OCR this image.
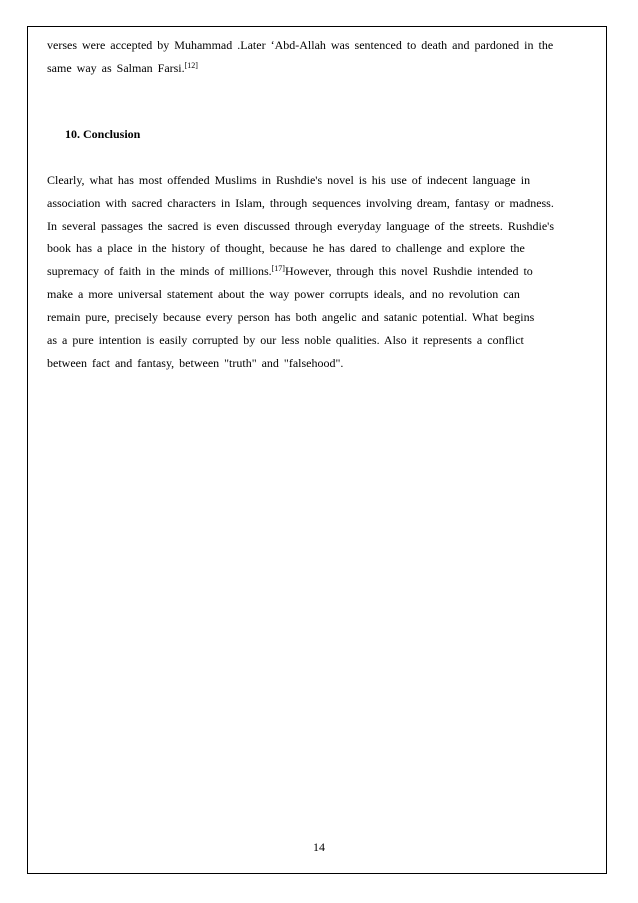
verses were accepted by Muhammad .Later ‘Abd-Allah was sentenced to death and pardoned in the
same way as Salman Farsi.[12]
10. Conclusion
Clearly, what has most offended Muslims in Rushdie's novel is his use of indecent language in
association with sacred characters in Islam, through sequences involving dream, fantasy or madness.
In several passages the sacred is even discussed through everyday language of the streets. Rushdie's
book has a place in the history of thought, because he has dared to challenge and explore the
supremacy of faith in the minds of millions.[17]However, through this novel Rushdie intended to
make a more universal statement about the way power corrupts ideals, and no revolution can
remain pure, precisely because every person has both angelic and satanic potential. What begins
as a pure intention is easily corrupted by our less noble qualities. Also it represents a conflict
between fact and fantasy, between "truth" and "falsehood".
14
